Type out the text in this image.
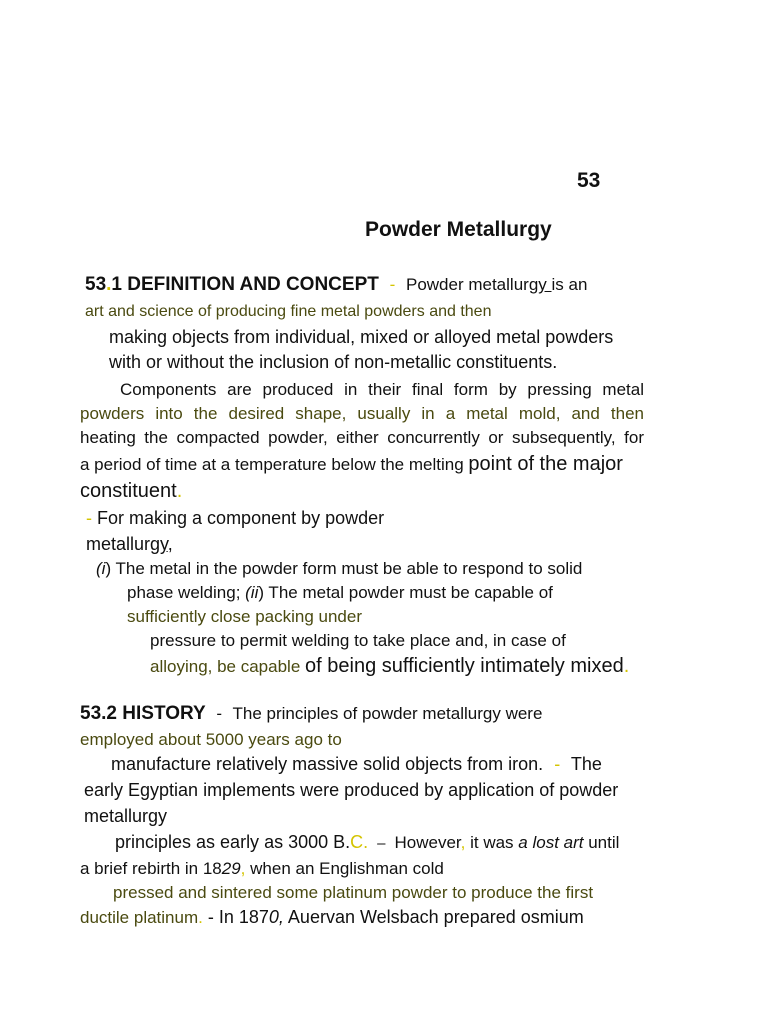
53
Powder Metallurgy
53.1 DEFINITION AND CONCEPT - Powder metallurgy is an
art and science of producing fine metal powders and then
making objects from individual, mixed or alloyed metal powders
with or without the inclusion of non-metallic constituents.
Components are produced in their final form by pressing metal
powders into the desired shape, usually in a metal mold, and then
heating the compacted powder, either concurrently or subsequently, for
a period of time at a temperature below the melting point of the major
constituent.
- For making a component by powder
metallurgy,
(i) The metal in the powder form must be able to respond to solid
phase welding; (ii) The metal powder must be capable of
sufficiently close packing under
pressure to permit welding to take place and, in case of
alloying, be capable of being sufficiently intimately mixed.
53.2 HISTORY - The principles of powder metallurgy were
employed about 5000 years ago to
manufacture relatively massive solid objects from iron. - The
early Egyptian implements were produced by application of powder
metallurgy
principles as early as 3000 B.C. – However, it was a lost art until
a brief rebirth in 1829, when an Englishman cold
pressed and sintered some platinum powder to produce the first
ductile platinum. - In 1870, Auervan Welsbach prepared osmium
